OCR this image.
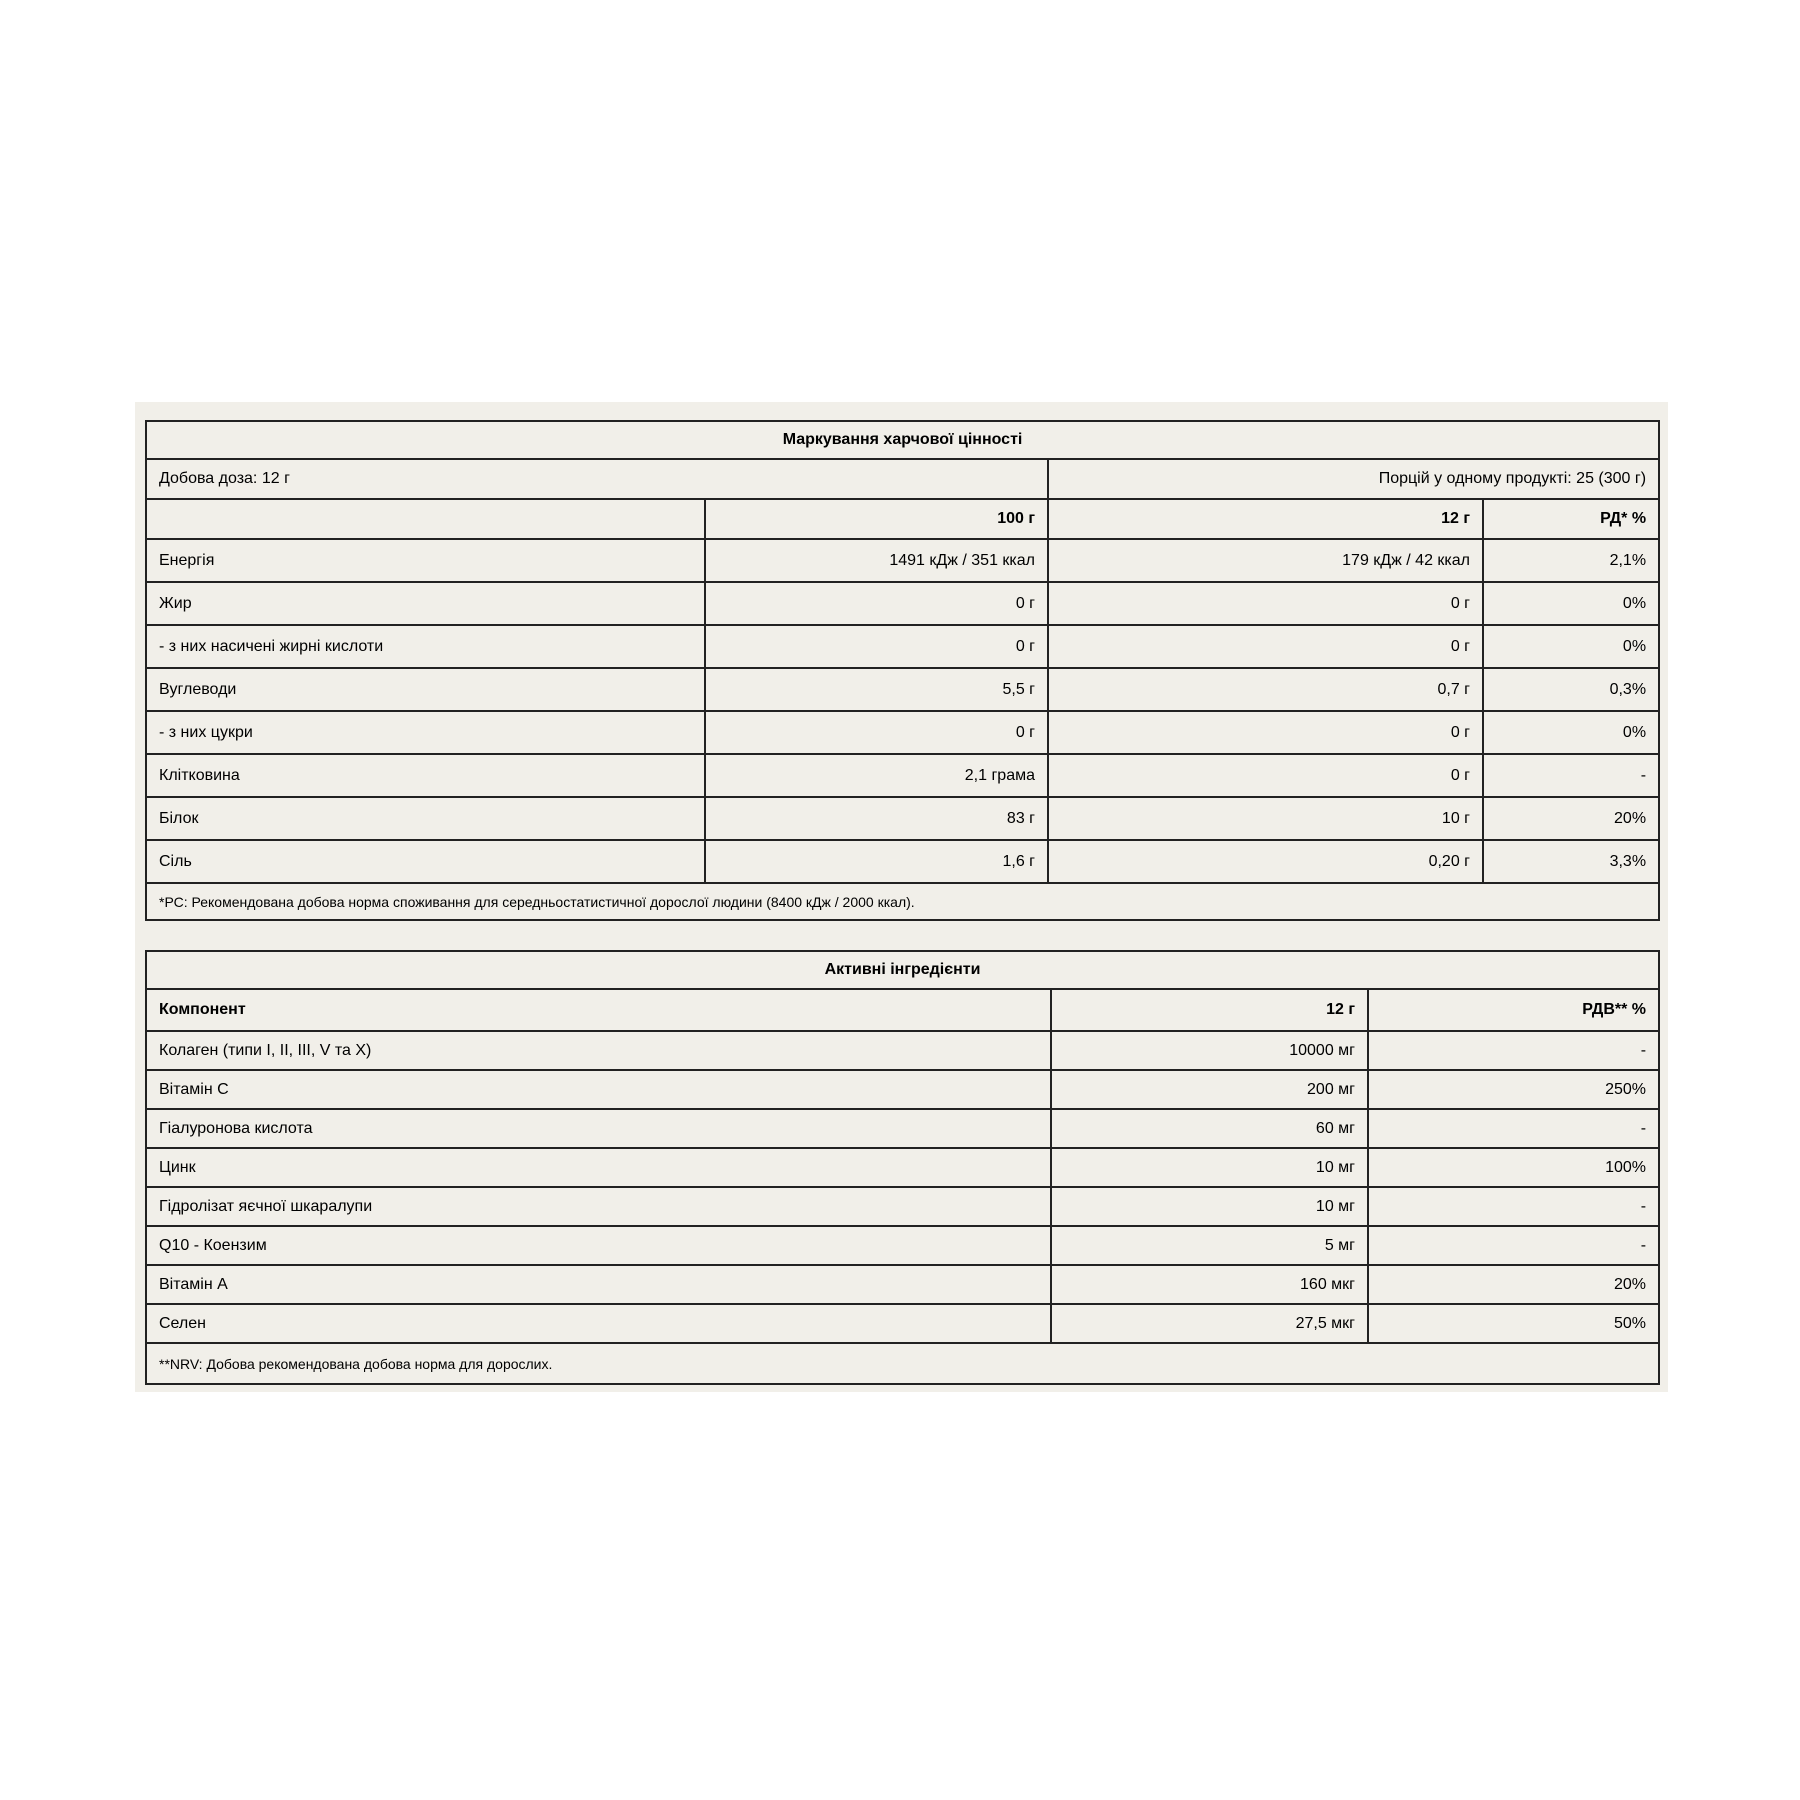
Маркування харчової цінності			
Добова доза: 12 г		Порцій у одному продукті: 25 (300 г)	
	100 г	12 г	РД* %
Енергія	1491 кДж / 351 ккал	179 кДж / 42 ккал	2,1%
Жир	0 г	0 г	0%
- з них насичені жирні кислоти	0 г	0 г	0%
Вуглеводи	5,5 г	0,7 г	0,3%
- з них цукри	0 г	0 г	0%
Клітковина	2,1 грама	0 г	-
Білок	83 г	10 г	20%
Сіль	1,6 г	0,20 г	3,3%
*РС: Рекомендована добова норма споживання для середньостатистичної дорослої людини (8400 кДж / 2000 ккал).			
Активні інгредієнти		
Компонент	12 г	РДВ** %
Колаген (типи I, II, III, V та X)	10000 мг	-
Вітамін C	200 мг	250%
Гіалуронова кислота	60 мг	-
Цинк	10 мг	100%
Гідролізат яєчної шкаралупи	10 мг	-
Q10 - Коензим	5 мг	-
Вітамін A	160 мкг	20%
Селен	27,5 мкг	50%
**NRV: Добова рекомендована добова норма для дорослих.		
